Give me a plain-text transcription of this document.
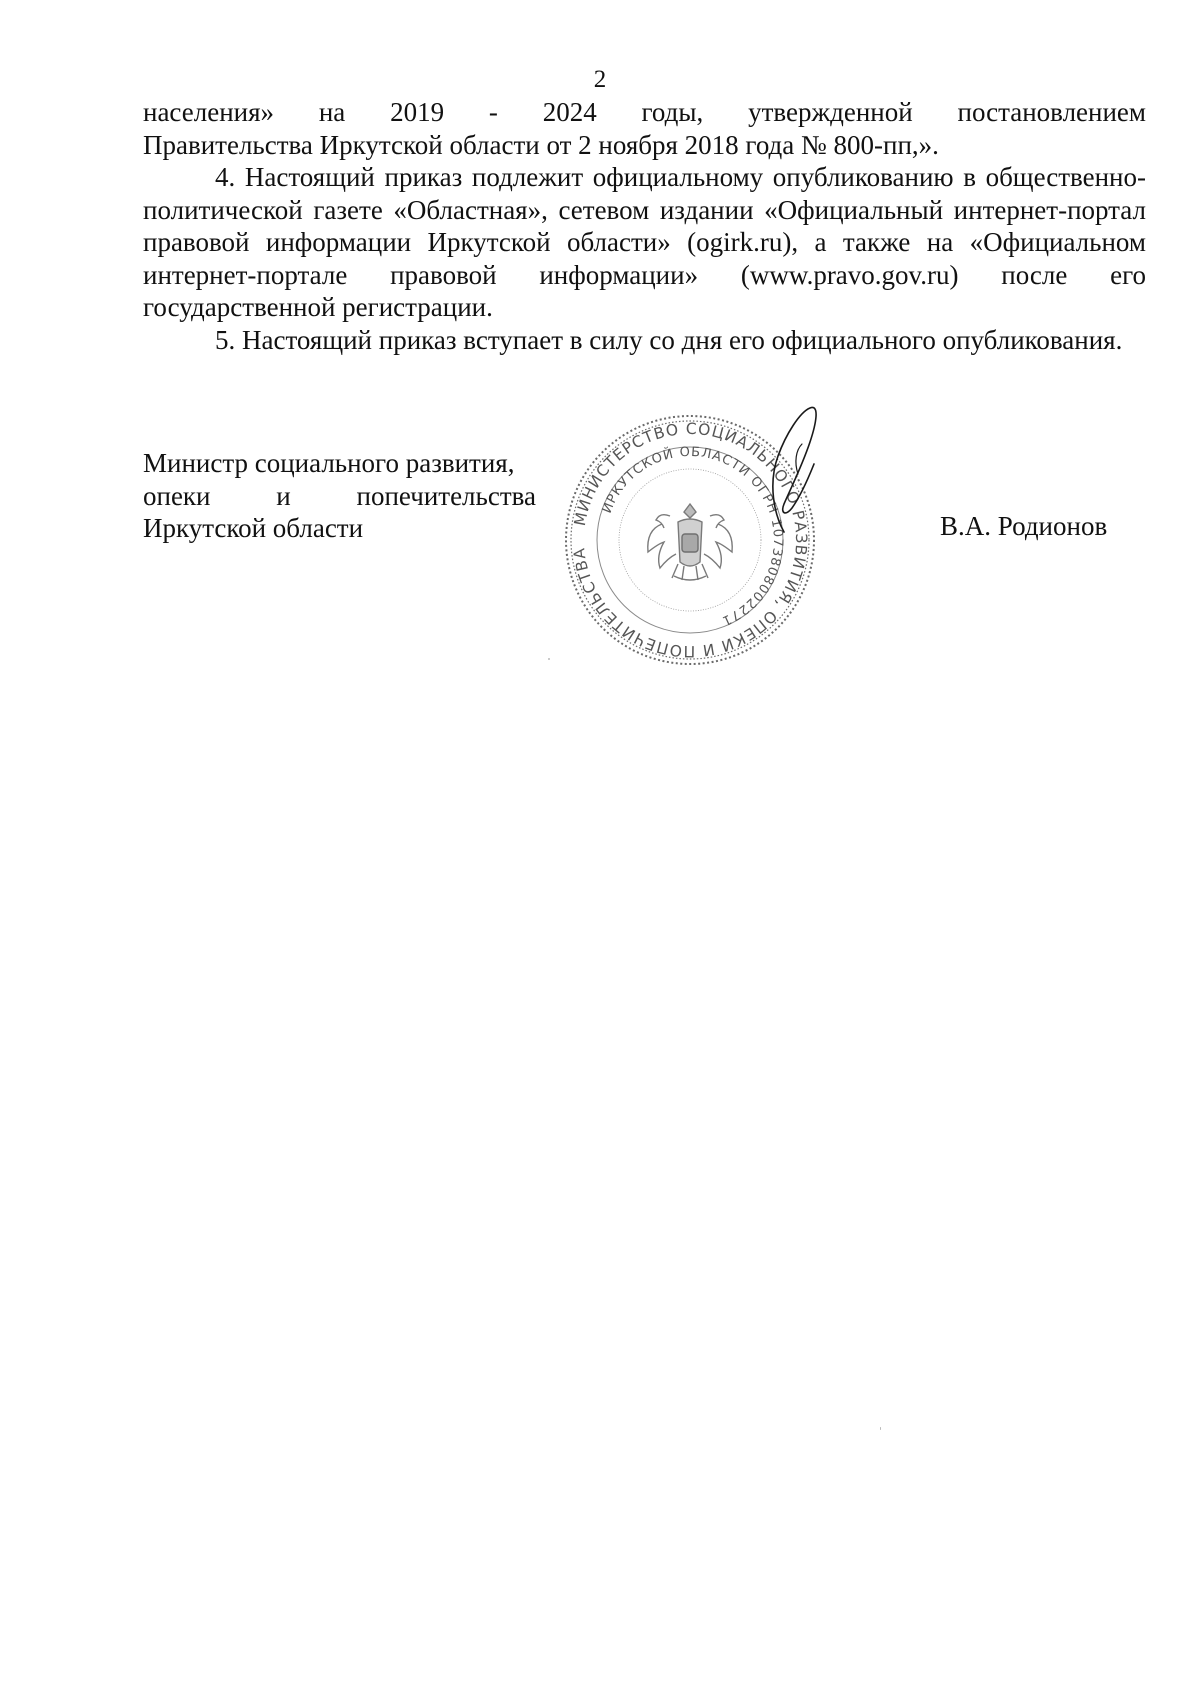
2

населения» на 2019 - 2024 годы, утвержденной постановлением
Правительства Иркутской области от 2 ноября 2018 года № 800-пп,».

4. Настоящий приказ подлежит официальному опубликованию в общественно-политической газете «Областная», сетевом издании «Официальный интернет-портал правовой информации Иркутской области» (ogirk.ru), а также на «Официальном интернет-портале правовой информации» (www.pravo.gov.ru) после его государственной регистрации.

5. Настоящий приказ вступает в силу со дня его официального опубликования.

Министр социального развития,
опеки и попечительства
Иркутской области	В.А. Родионов
МИНИСТЕРСТВО СОЦИАЛЬНОГО РАЗВИТИЯ, ОПЕКИ И ПОПЕЧИТЕЛЬСТВА
ИРКУТСКОЙ ОБЛАСТИ ОГРН 1073808002271
